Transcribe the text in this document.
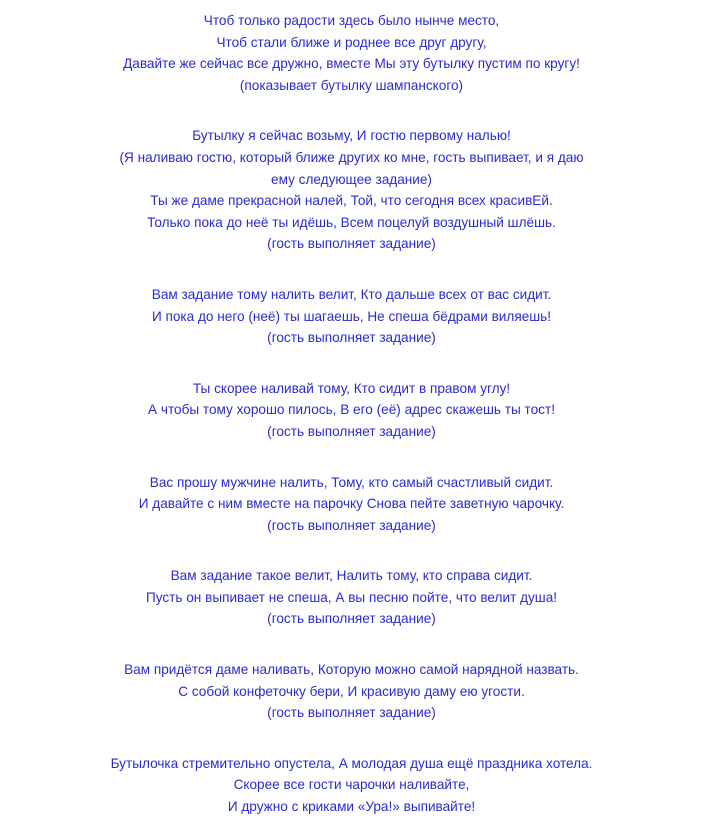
Чтоб только радости здесь было нынче место,
Чтоб стали ближе и роднее все друг другу,
Давайте же сейчас все дружно, вместе Мы эту бутылку пустим по кругу!
(показывает бутылку шампанского)
Бутылку я сейчас возьму, И гостю первому налью!
(Я наливаю гостю, который ближе других ко мне, гость выпивает, и я даю
ему следующее задание)
Ты же даме прекрасной налей, Той, что сегодня всех красивЕй.
Только пока до неё ты идёшь, Всем поцелуй воздушный шлёшь.
(гость выполняет задание)
Вам задание тому налить велит, Кто дальше всех от вас сидит.
И пока до него (неё) ты шагаешь, Не спеша бёдрами виляешь!
(гость выполняет задание)
Ты скорее наливай тому, Кто сидит в правом углу!
А чтобы тому хорошо пилось, В его (её) адрес скажешь ты тост!
(гость выполняет задание)
Вас прошу мужчине налить, Тому, кто самый счастливый сидит.
И давайте с ним вместе на парочку Снова пейте заветную чарочку.
(гость выполняет задание)
Вам задание такое велит, Налить тому, кто справа сидит.
Пусть он выпивает не спеша, А вы песню пойте, что велит душа!
(гость выполняет задание)
Вам придётся даме наливать, Которую можно самой нарядной назвать.
С собой конфеточку бери, И красивую даму ею угости.
(гость выполняет задание)
Бутылочка стремительно опустела, А молодая душа ещё праздника хотела.
Скорее все гости чарочки наливайте,
И дружно с криками «Ура!» выпивайте!
